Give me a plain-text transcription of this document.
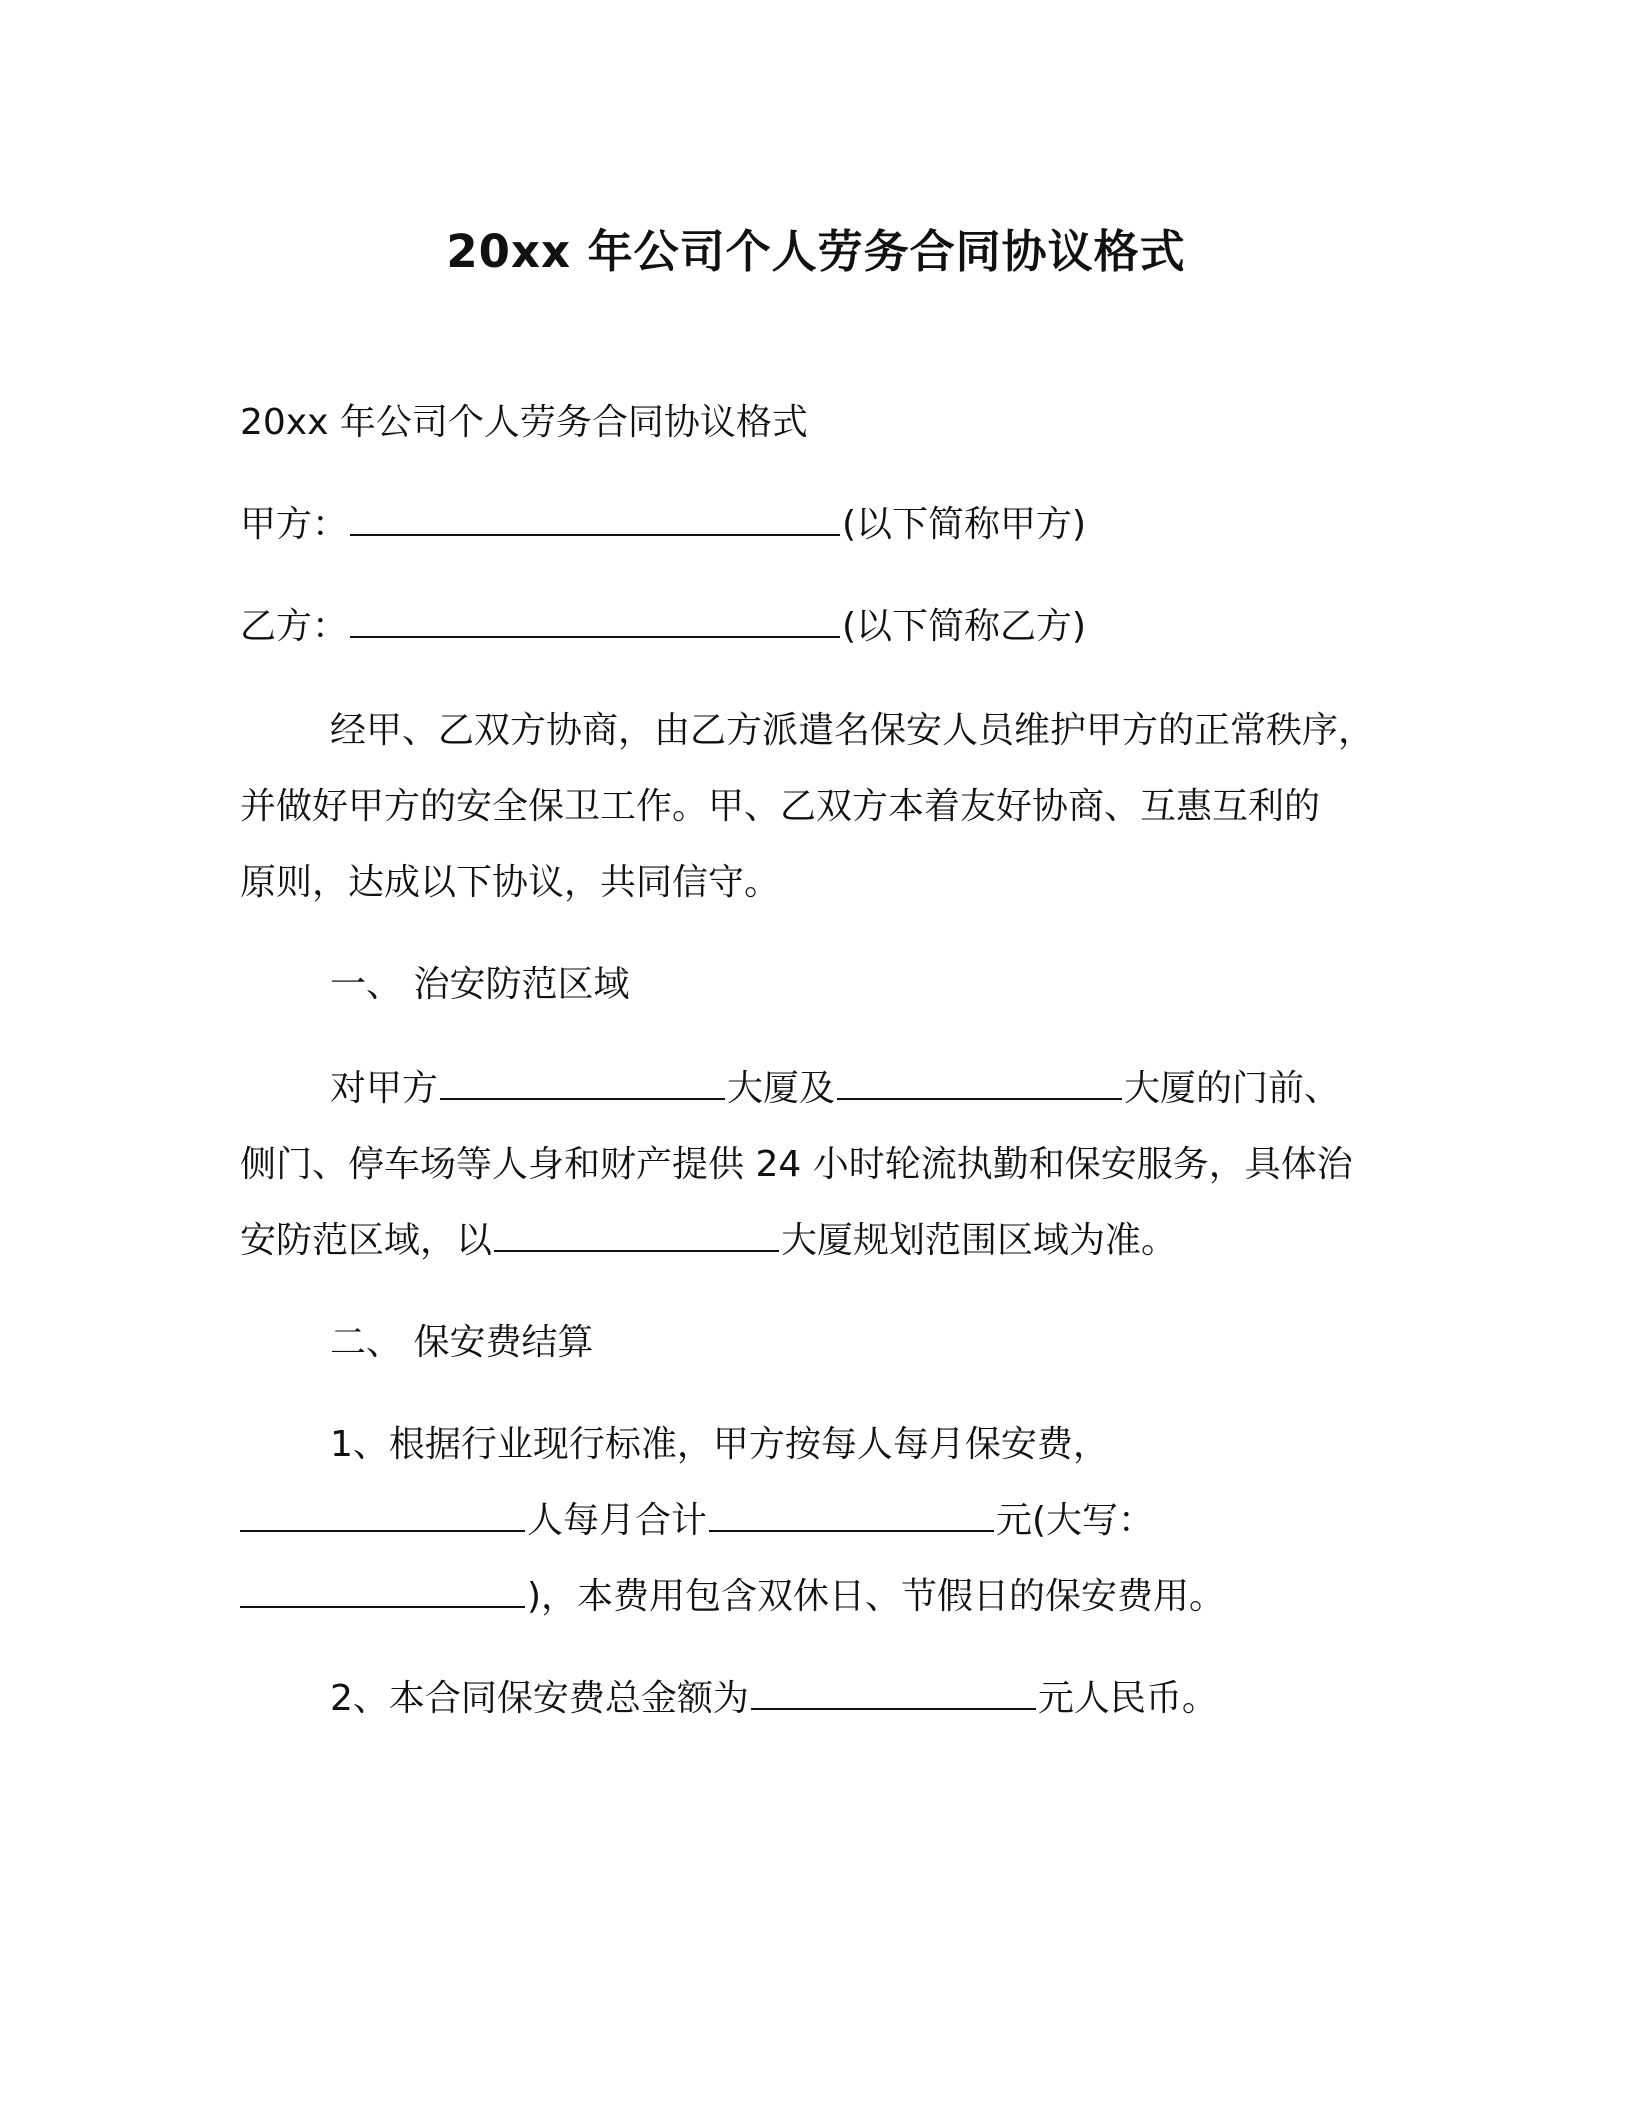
20xx 年公司个人劳务合同协议格式
20xx 年公司个人劳务合同协议格式
甲方：	(以下简称甲方)
乙方：	(以下简称乙方)
经甲、乙双方协商，由乙方派遣名保安人员维护甲方的正常秩序，
并做好甲方的安全保卫工作。甲、乙双方本着友好协商、互惠互利的
原则，达成以下协议，共同信守。
一、 治安防范区域
对甲方	大厦及	大厦的门前、
侧门、停车场等人身和财产提供 24 小时轮流执勤和保安服务，具体治
安防范区域，以	大厦规划范围区域为准。
二、 保安费结算
1、根据行业现行标准，甲方按每人每月保安费，
人每月合计	元(大写：
)，本费用包含双休日、节假日的保安费用。
2、本合同保安费总金额为	元人民币。
